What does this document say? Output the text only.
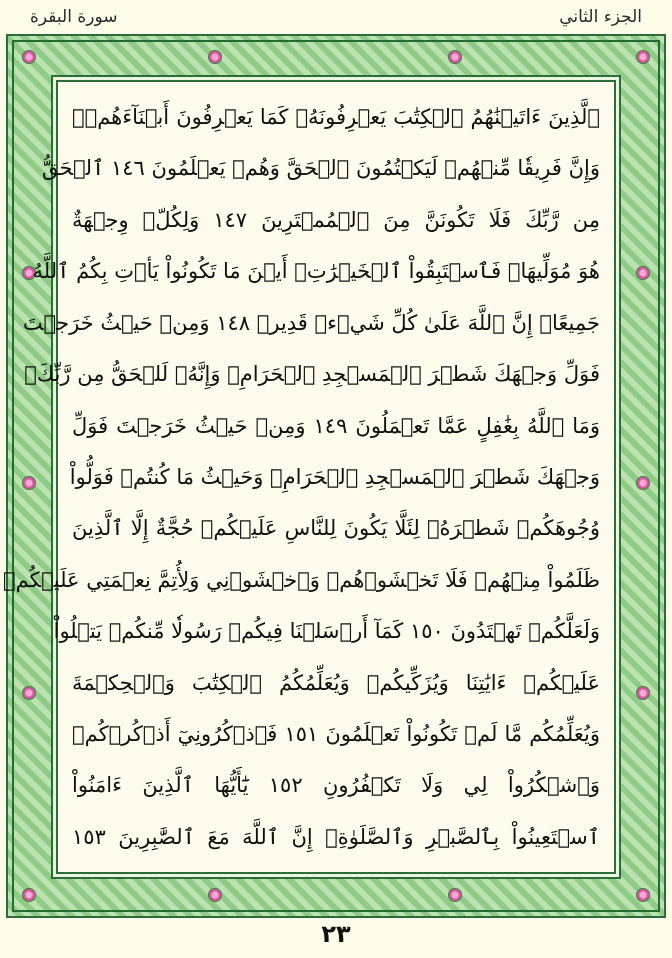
الجزء الثاني
سورة البقرة
ٱلَّذِينَ ءَاتَيۡنَٰهُمُ ٱلۡكِتَٰبَ يَعۡرِفُونَهُۥ كَمَا يَعۡرِفُونَ أَبۡنَآءَهُمۡۖ
وَإِنَّ فَرِيقٗا مِّنۡهُمۡ لَيَكۡتُمُونَ ٱلۡحَقَّ وَهُمۡ يَعۡلَمُونَ ١٤٦ ٱلۡحَقُّ
مِن رَّبِّكَ فَلَا تَكُونَنَّ مِنَ ٱلۡمُمۡتَرِينَ ١٤٧ وَلِكُلّٖ وِجۡهَةٌ
هُوَ مُوَلِّيهَاۖ فَٱسۡتَبِقُواْ ٱلۡخَيۡرَٰتِۚ أَيۡنَ مَا تَكُونُواْ يَأۡتِ بِكُمُ ٱللَّهُ
جَمِيعًاۚ إِنَّ ٱللَّهَ عَلَىٰ كُلِّ شَيۡءٖ قَدِيرٞ ١٤٨ وَمِنۡ حَيۡثُ خَرَجۡتَ
فَوَلِّ وَجۡهَكَ شَطۡرَ ٱلۡمَسۡجِدِ ٱلۡحَرَامِۖ وَإِنَّهُۥ لَلۡحَقُّ مِن رَّبِّكَۗ
وَمَا ٱللَّهُ بِغَٰفِلٍ عَمَّا تَعۡمَلُونَ ١٤٩ وَمِنۡ حَيۡثُ خَرَجۡتَ فَوَلِّ
وَجۡهَكَ شَطۡرَ ٱلۡمَسۡجِدِ ٱلۡحَرَامِۚ وَحَيۡثُ مَا كُنتُمۡ فَوَلُّواْ
وُجُوهَكُمۡ شَطۡرَهُۥ لِئَلَّا يَكُونَ لِلنَّاسِ عَلَيۡكُمۡ حُجَّةٌ إِلَّا ٱلَّذِينَ
ظَلَمُواْ مِنۡهُمۡ فَلَا تَخۡشَوۡهُمۡ وَٱخۡشَوۡنِي وَلِأُتِمَّ نِعۡمَتِي عَلَيۡكُمۡ
وَلَعَلَّكُمۡ تَهۡتَدُونَ ١٥٠ كَمَآ أَرۡسَلۡنَا فِيكُمۡ رَسُولٗا مِّنكُمۡ يَتۡلُواْ
عَلَيۡكُمۡ ءَايَٰتِنَا وَيُزَكِّيكُمۡ وَيُعَلِّمُكُمُ ٱلۡكِتَٰبَ وَٱلۡحِكۡمَةَ
وَيُعَلِّمُكُم مَّا لَمۡ تَكُونُواْ تَعۡلَمُونَ ١٥١ فَٱذۡكُرُونِيٓ أَذۡكُرۡكُمۡ
وَٱشۡكُرُواْ لِي وَلَا تَكۡفُرُونِ ١٥٢ يَٰٓأَيُّهَا ٱلَّذِينَ ءَامَنُواْ
ٱسۡتَعِينُواْ بِٱلصَّبۡرِ وَٱلصَّلَوٰةِۚ إِنَّ ٱللَّهَ مَعَ ٱلصَّٰبِرِينَ ١٥٣
٢٣
